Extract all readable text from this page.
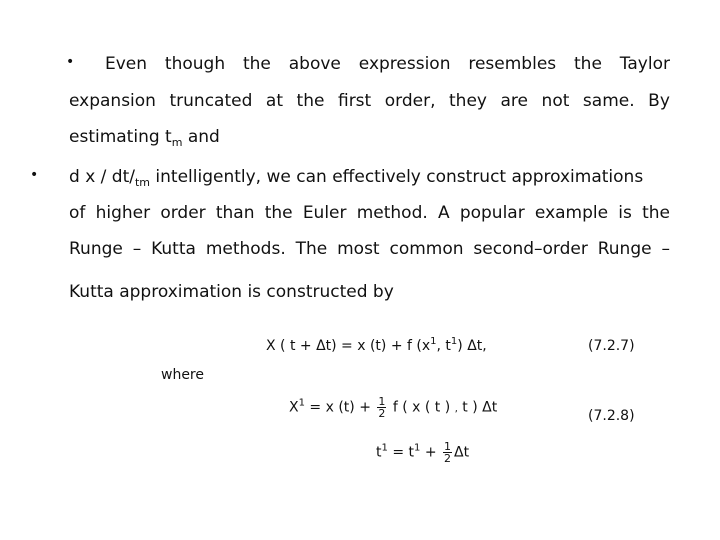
• Even though the above expression resembles the Taylor
expansion truncated at the first order, they are not same. By
estimating $t_m$ and
• d x / $dt/_{tm}$ intelligently, we can effectively construct approximations
of higher order than the Euler method. A popular example is the
Runge – Kutta methods. The most common second–order Runge –
Kutta approximation is constructed by
X ( t + Δt) = x (t) + f ($x^1$, $t^1$) Δt,	(7.2.7)
where
$X^1 = x$ $(t) + \frac{1}{2}$ f ( x ( t ) ‚ t ) Δt
(7.2.8)
$t^1 = t^1 + \frac{1}{2}$ Δt
